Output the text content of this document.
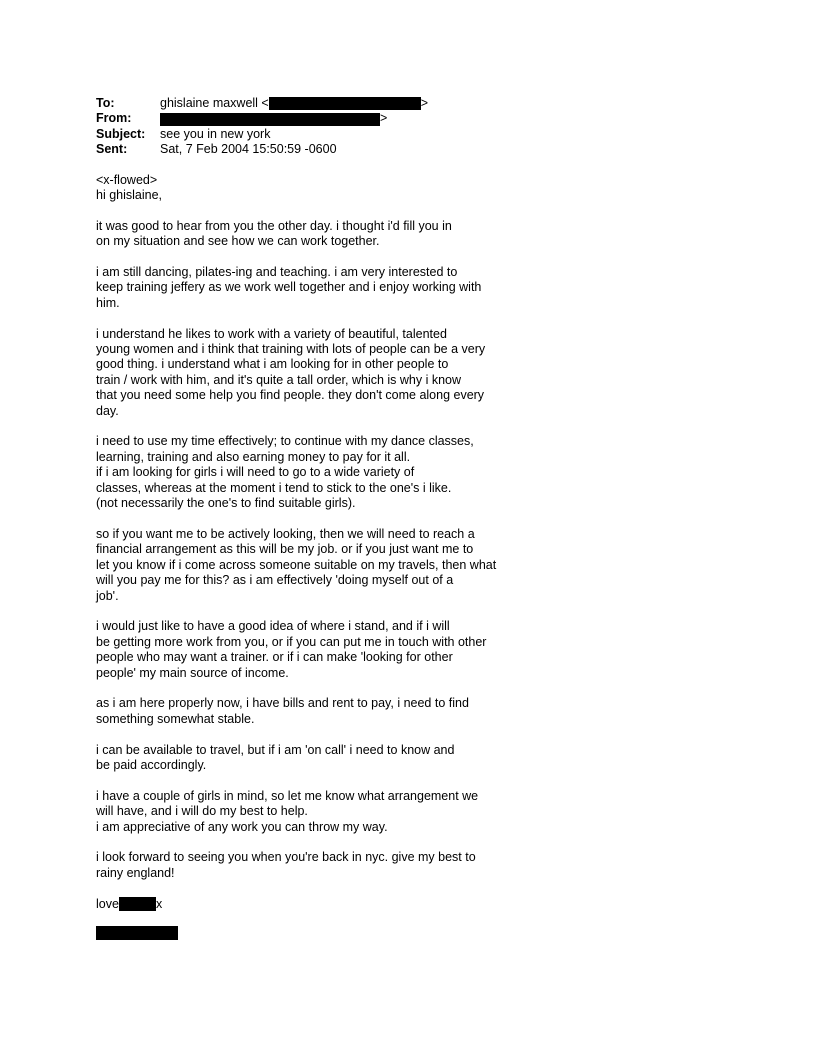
To:	ghislaine maxwell <	>
From:	>
Subject:	see you in new york
Sent:	Sat, 7 Feb 2004 15:50:59 -0600
<x-flowed>
hi ghislaine,
it was good to hear from you the other day. i thought i'd fill you in
on my situation and see how we can work together.
i am still dancing, pilates-ing and teaching. i am very interested to
keep training jeffery as we work well together and i enjoy working with
him.
i understand he likes to work with a variety of beautiful, talented
young women and i think that training with lots of people can be a very
good thing. i understand what i am looking for in other people to
train / work with him, and it's quite a tall order, which is why i know
that you need some help you find people. they don't come along every
day.
i need to use my time effectively; to continue with my dance classes,
learning, training and also earning money to pay for it all.
if i am looking for girls i will need to go to a wide variety of
classes, whereas at the moment i tend to stick to the one's i like.
(not necessarily the one's to find suitable girls).
so if you want me to be actively looking, then we will need to reach a
financial arrangement as this will be my job. or if you just want me to
let you know if i come across someone suitable on my travels, then what
will you pay me for this? as i am effectively 'doing myself out of a
job'.
i would just like to have a good idea of where i stand, and if i will
be getting more work from you, or if you can put me in touch with other
people who may want a trainer. or if i can make 'looking for other
people' my main source of income.
as i am here properly now, i have bills and rent to pay, i need to find
something somewhat stable.
i can be available to travel, but if i am 'on call' i need to know and
be paid accordingly.
i have a couple of girls in mind, so let me know what arrangement we
will have, and i will do my best to help.
i am appreciative of any work you can throw my way.
i look forward to seeing you when you're back in nyc. give my best to
rainy england!
love	x
